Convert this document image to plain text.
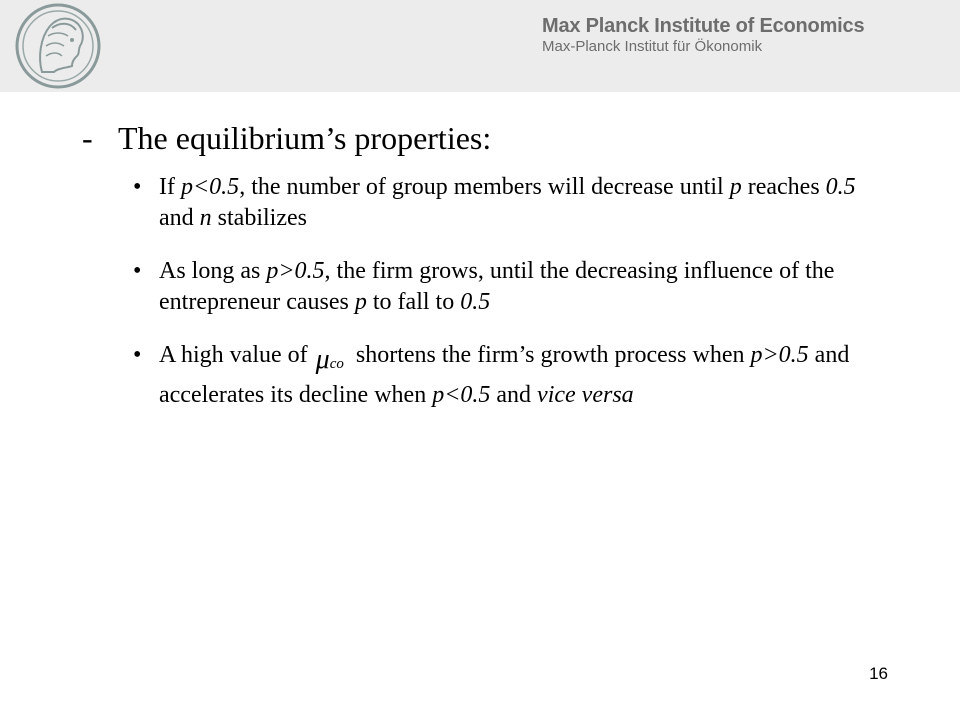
Max Planck Institute of Economics
Max-Planck Institut für Ökonomik
- The equilibrium’s properties:
• If p<0.5, the number of group members will decrease until p reaches 0.5 and n stabilizes
• As long as p>0.5, the firm grows, until the decreasing influence of the entrepreneur causes p to fall to 0.5
• A high value of μco shortens the firm’s growth process when p>0.5 and accelerates its decline when p<0.5 and vice versa
16
